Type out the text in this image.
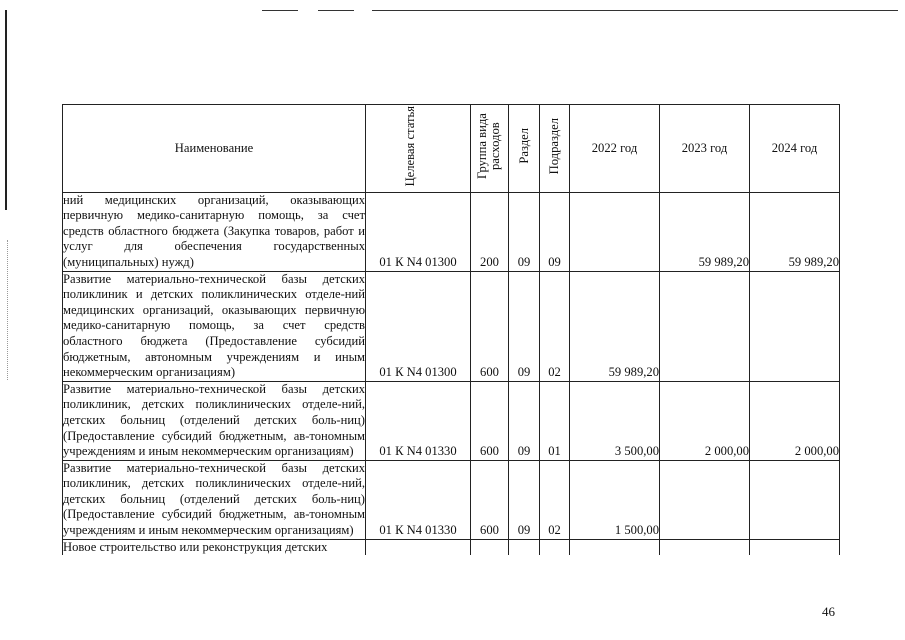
Наименование	Целевая статья	Группа вида расходов	Раздел	Подраздел	2022 год	2023 год	2024 год
ний медицинских организаций, оказывающих первичную медико-санитарную помощь, за счет средств областного бюджета (Закупка товаров, работ и услуг для обеспечения государственных (муниципальных) нужд)	01 К N4 01300	200	09	09		59 989,20	59 989,20
Развитие материально-технической базы детских поликлиник и детских поликлинических отделе-ний медицинских организаций, оказывающих первичную медико-санитарную помощь, за счет средств областного бюджета (Предоставление субсидий бюджетным, автономным учреждениям и иным некоммерческим организациям)	01 К N4 01300	600	09	02	59 989,20		
Развитие материально-технической базы детских поликлиник, детских поликлинических отделе-ний, детских больниц (отделений детских боль-ниц) (Предоставление субсидий бюджетным, ав-тономным учреждениям и иным некоммерческим организациям)	01 К N4 01330	600	09	01	3 500,00	2 000,00	2 000,00
Развитие материально-технической базы детских поликлиник, детских поликлинических отделе-ний, детских больниц (отделений детских боль-ниц) (Предоставление субсидий бюджетным, ав-тономным учреждениям и иным некоммерческим организациям)	01 К N4 01330	600	09	02	1 500,00		
Новое строительство или реконструкция детских							
46
